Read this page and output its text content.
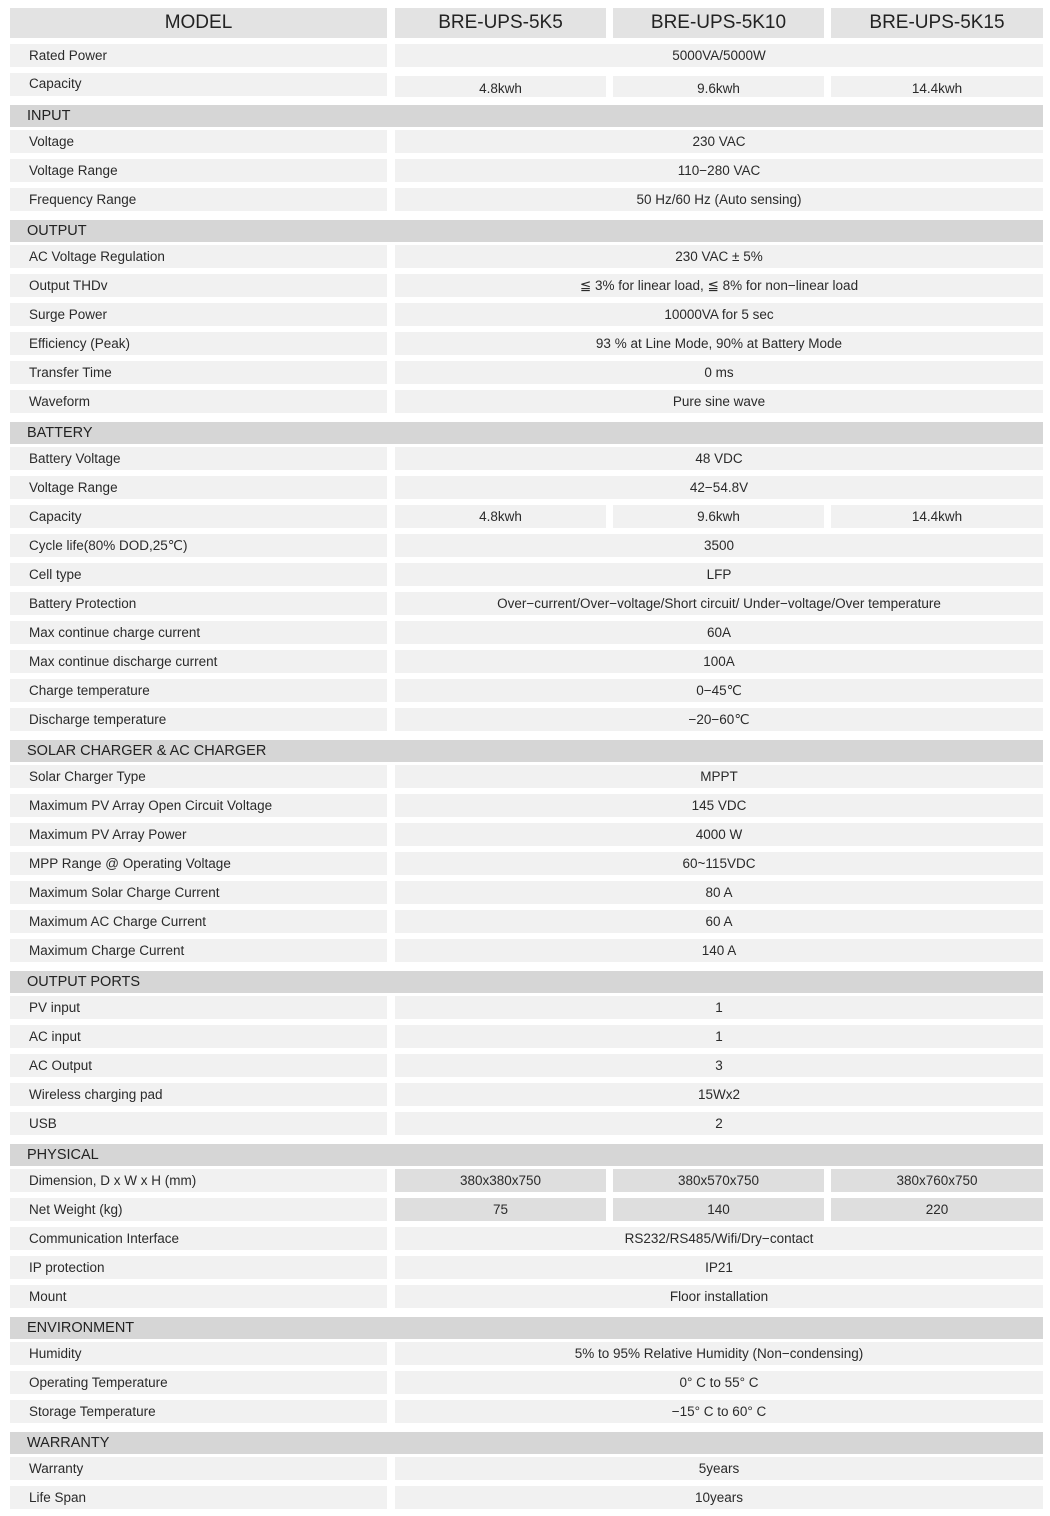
MODEL	BRE-UPS-5K5	BRE-UPS-5K10	BRE-UPS-5K15
Rated Power	5000VA/5000W
Capacity	4.8kwh	9.6kwh	14.4kwh
INPUT
Voltage	230 VAC
Voltage Range	110−280 VAC
Frequency Range	50 Hz/60 Hz (Auto sensing)
OUTPUT
AC Voltage Regulation	230 VAC ± 5%
Output THDv	≦ 3% for linear load, ≦ 8% for non−linear load
Surge Power	10000VA for 5 sec
Efficiency (Peak)	93 % at Line Mode, 90% at Battery Mode
Transfer Time	0 ms
Waveform	Pure sine wave
BATTERY
Battery Voltage	48 VDC
Voltage Range	42−54.8V
Capacity	4.8kwh	9.6kwh	14.4kwh
Cycle life(80% DOD,25℃)	3500
Cell type	LFP
Battery Protection	Over−current/Over−voltage/Short circuit/ Under−voltage/Over temperature
Max continue charge current	60A
Max continue discharge current	100A
Charge temperature	0−45℃
Discharge temperature	−20−60℃
SOLAR CHARGER & AC CHARGER
Solar Charger Type	MPPT
Maximum PV Array Open Circuit Voltage	145 VDC
Maximum PV Array Power	4000 W
MPP Range @ Operating Voltage	60~115VDC
Maximum Solar Charge Current	80 A
Maximum AC Charge Current	60 A
Maximum Charge Current	140 A
OUTPUT PORTS
PV input	1
AC input	1
AC Output	3
Wireless charging pad	15Wx2
USB	2
PHYSICAL
Dimension, D x W x H (mm)	380x380x750	380x570x750	380x760x750
Net Weight (kg)	75	140	220
Communication Interface	RS232/RS485/Wifi/Dry−contact
IP protection	IP21
Mount	Floor installation
ENVIRONMENT
Humidity	5% to 95% Relative Humidity (Non−condensing)
Operating Temperature	0° C to 55° C
Storage Temperature	−15° C to 60° C
WARRANTY
Warranty	5years
Life Span	10years
